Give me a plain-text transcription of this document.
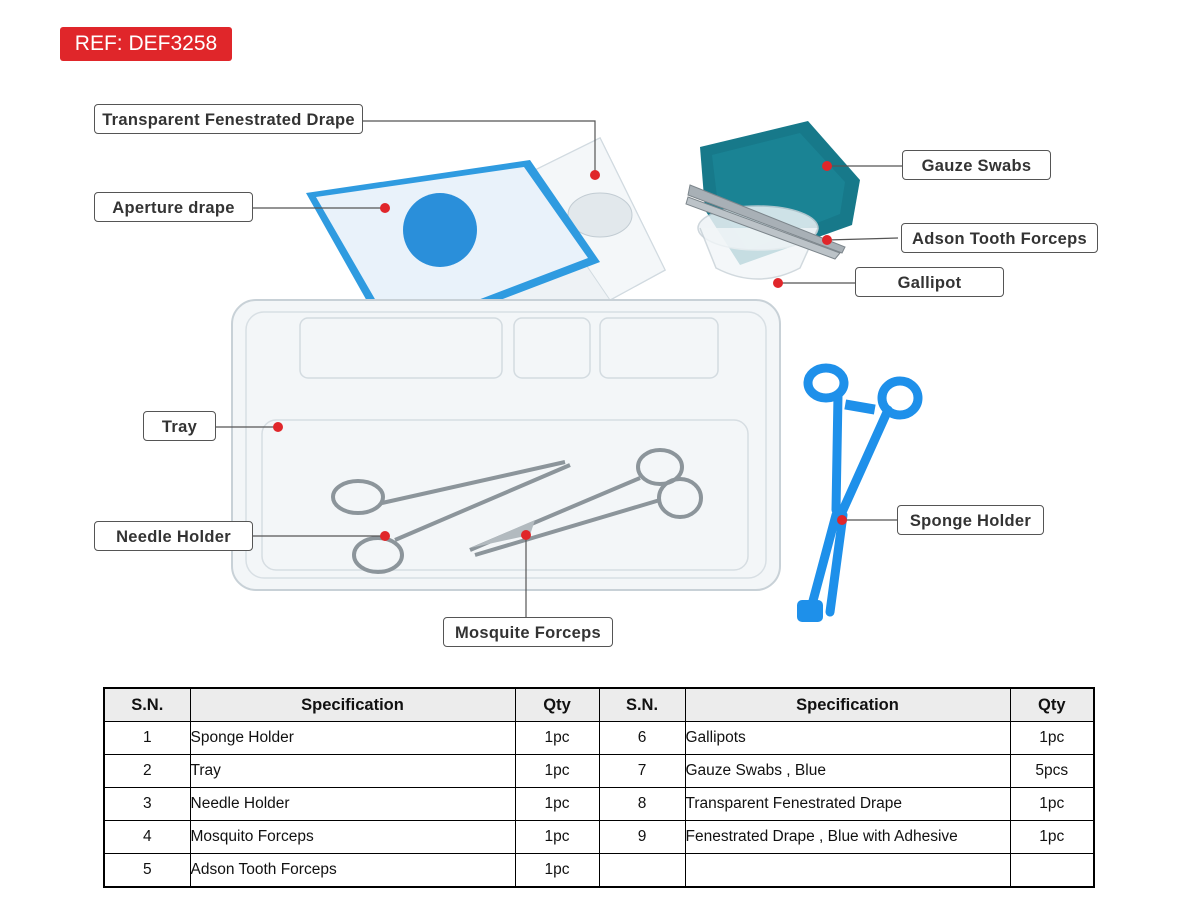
REF: DEF3258
Transparent Fenestrated Drape
Aperture drape
Gauze Swabs
Adson Tooth Forceps
Gallipot
Tray
Needle Holder
Sponge Holder
Mosquite Forceps
S.N.	Specification	Qty	S.N.	Specification	Qty
1	Sponge Holder	1pc	6	Gallipots	1pc
2	Tray	1pc	7	Gauze Swabs , Blue	5pcs
3	Needle Holder	1pc	8	Transparent Fenestrated Drape	1pc
4	Mosquito Forceps	1pc	9	Fenestrated Drape , Blue with Adhesive	1pc
5	Adson Tooth Forceps	1pc			
